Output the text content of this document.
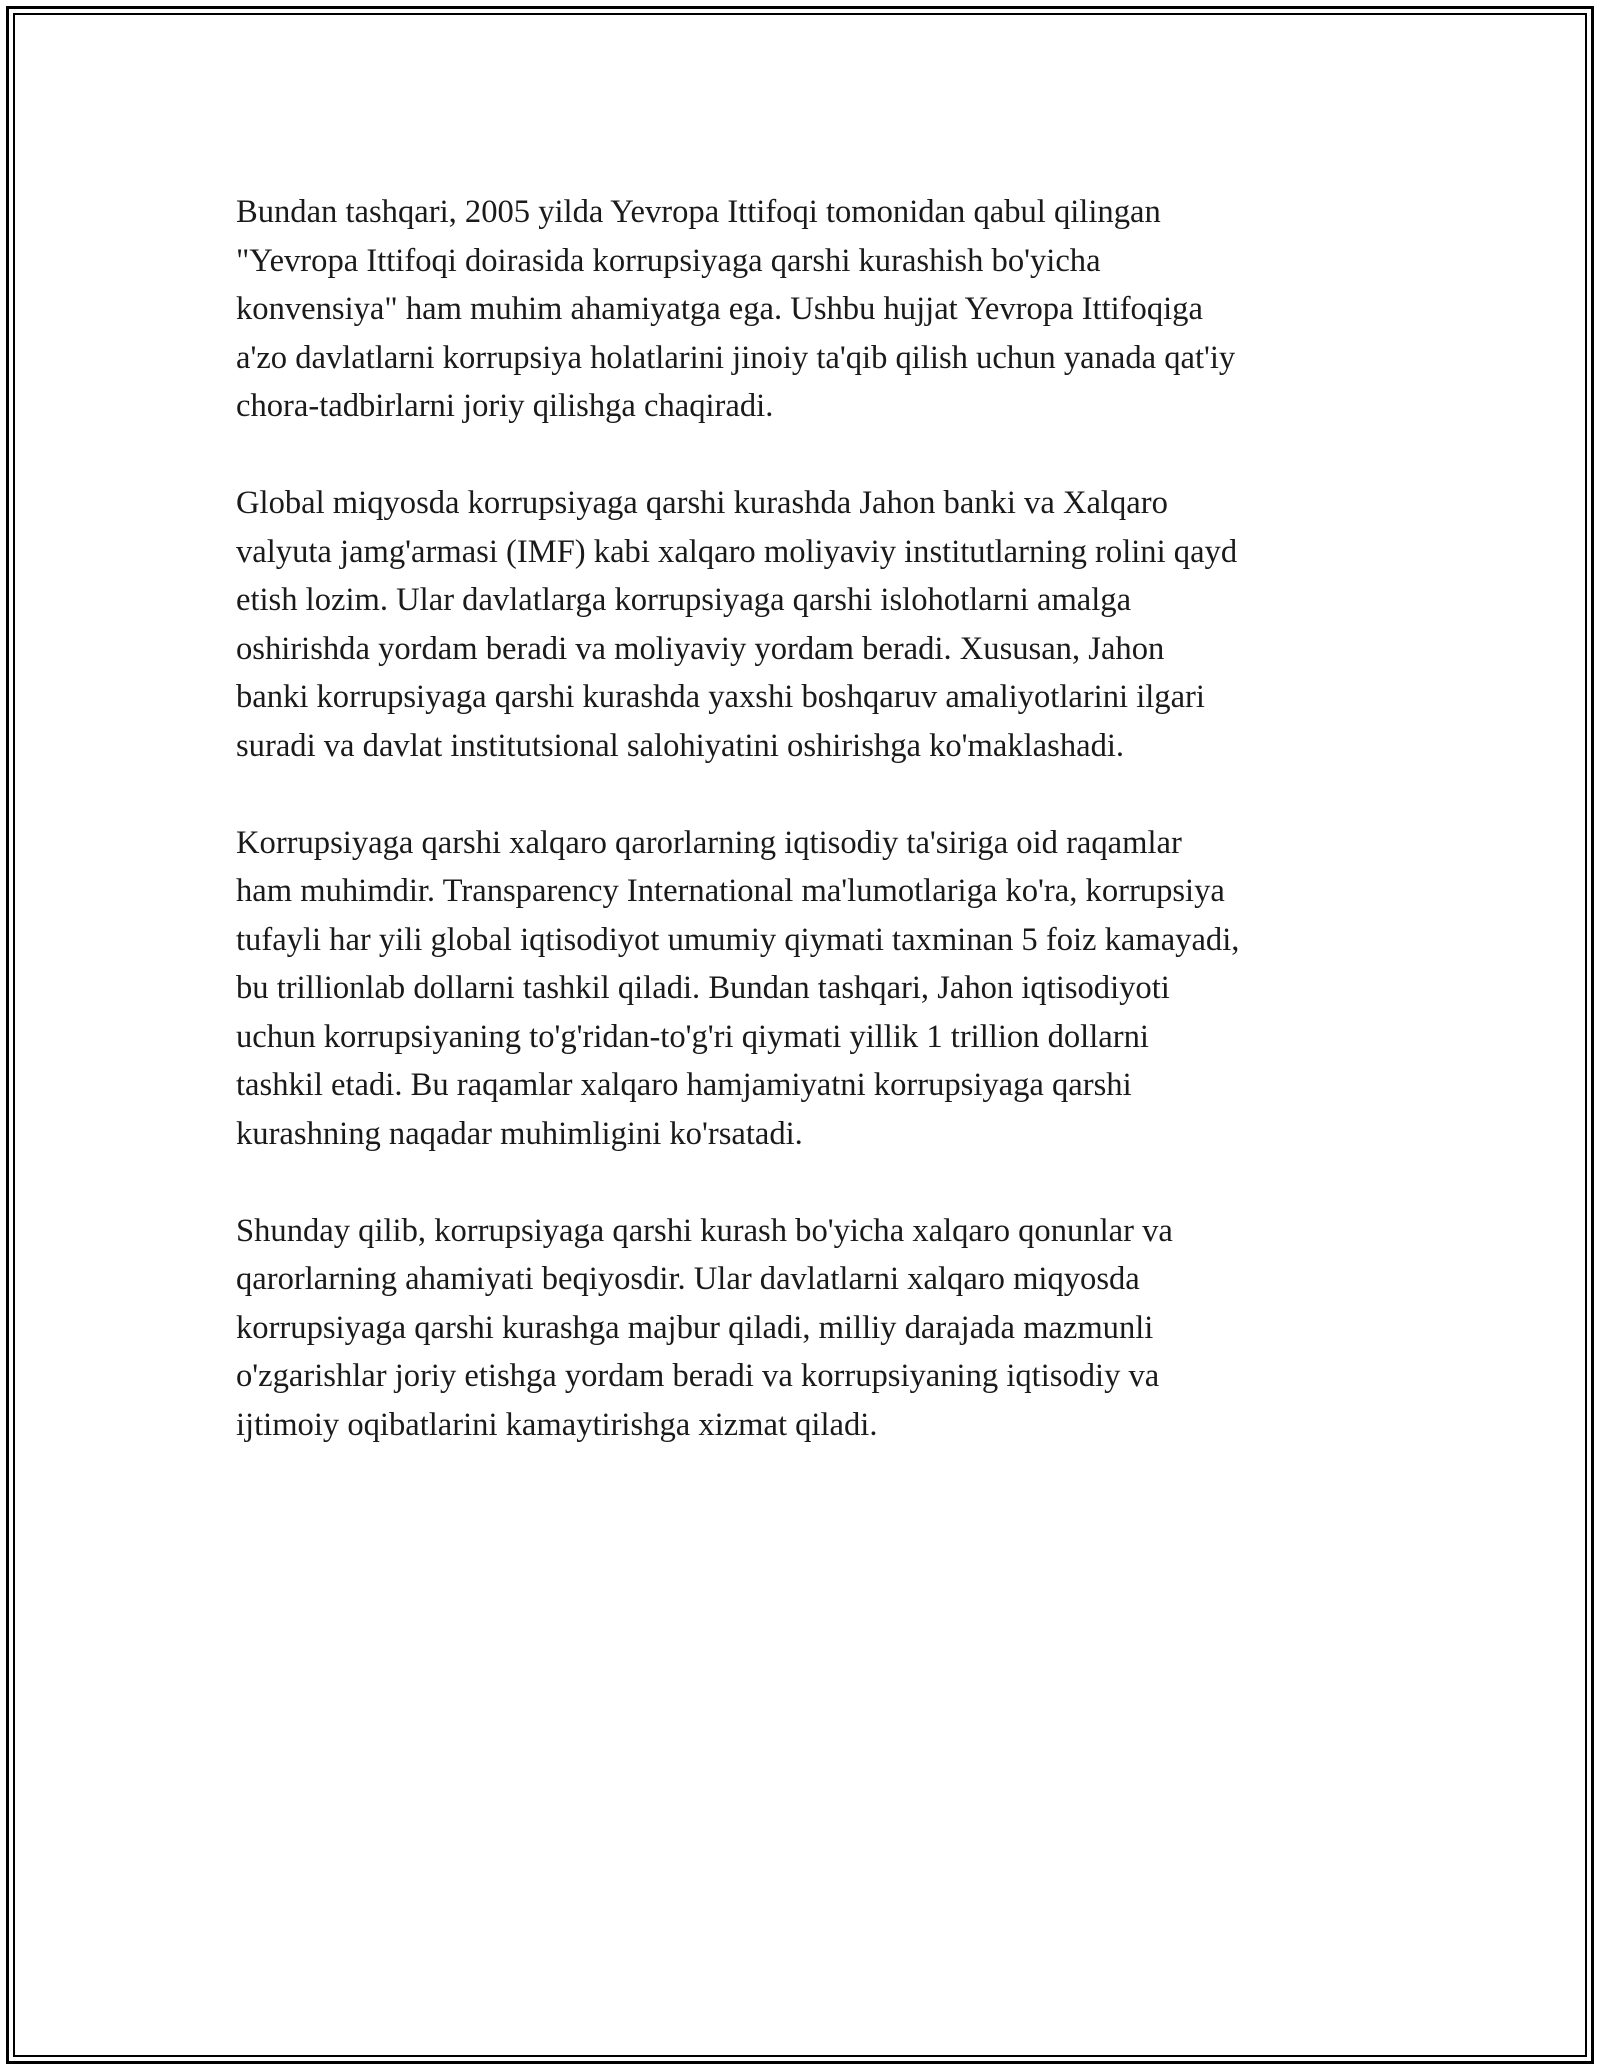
Bundan tashqari, 2005 yilda Yevropa Ittifoqi tomonidan qabul qilingan
"Yevropa Ittifoqi doirasida korrupsiyaga qarshi kurashish bo'yicha
konvensiya" ham muhim ahamiyatga ega. Ushbu hujjat Yevropa Ittifoqiga
a'zo davlatlarni korrupsiya holatlarini jinoiy ta'qib qilish uchun yanada qat'iy
chora-tadbirlarni joriy qilishga chaqiradi.

Global miqyosda korrupsiyaga qarshi kurashda Jahon banki va Xalqaro
valyuta jamg'armasi (IMF) kabi xalqaro moliyaviy institutlarning rolini qayd
etish lozim. Ular davlatlarga korrupsiyaga qarshi islohotlarni amalga
oshirishda yordam beradi va moliyaviy yordam beradi. Xususan, Jahon
banki korrupsiyaga qarshi kurashda yaxshi boshqaruv amaliyotlarini ilgari
suradi va davlat institutsional salohiyatini oshirishga ko'maklashadi.

Korrupsiyaga qarshi xalqaro qarorlarning iqtisodiy ta'siriga oid raqamlar
ham muhimdir. Transparency International ma'lumotlariga ko'ra, korrupsiya
tufayli har yili global iqtisodiyot umumiy qiymati taxminan 5 foiz kamayadi,
bu trillionlab dollarni tashkil qiladi. Bundan tashqari, Jahon iqtisodiyoti
uchun korrupsiyaning to'g'ridan-to'g'ri qiymati yillik 1 trillion dollarni
tashkil etadi. Bu raqamlar xalqaro hamjamiyatni korrupsiyaga qarshi
kurashning naqadar muhimligini ko'rsatadi.

Shunday qilib, korrupsiyaga qarshi kurash bo'yicha xalqaro qonunlar va
qarorlarning ahamiyati beqiyosdir. Ular davlatlarni xalqaro miqyosda
korrupsiyaga qarshi kurashga majbur qiladi, milliy darajada mazmunli
o'zgarishlar joriy etishga yordam beradi va korrupsiyaning iqtisodiy va
ijtimoiy oqibatlarini kamaytirishga xizmat qiladi.
